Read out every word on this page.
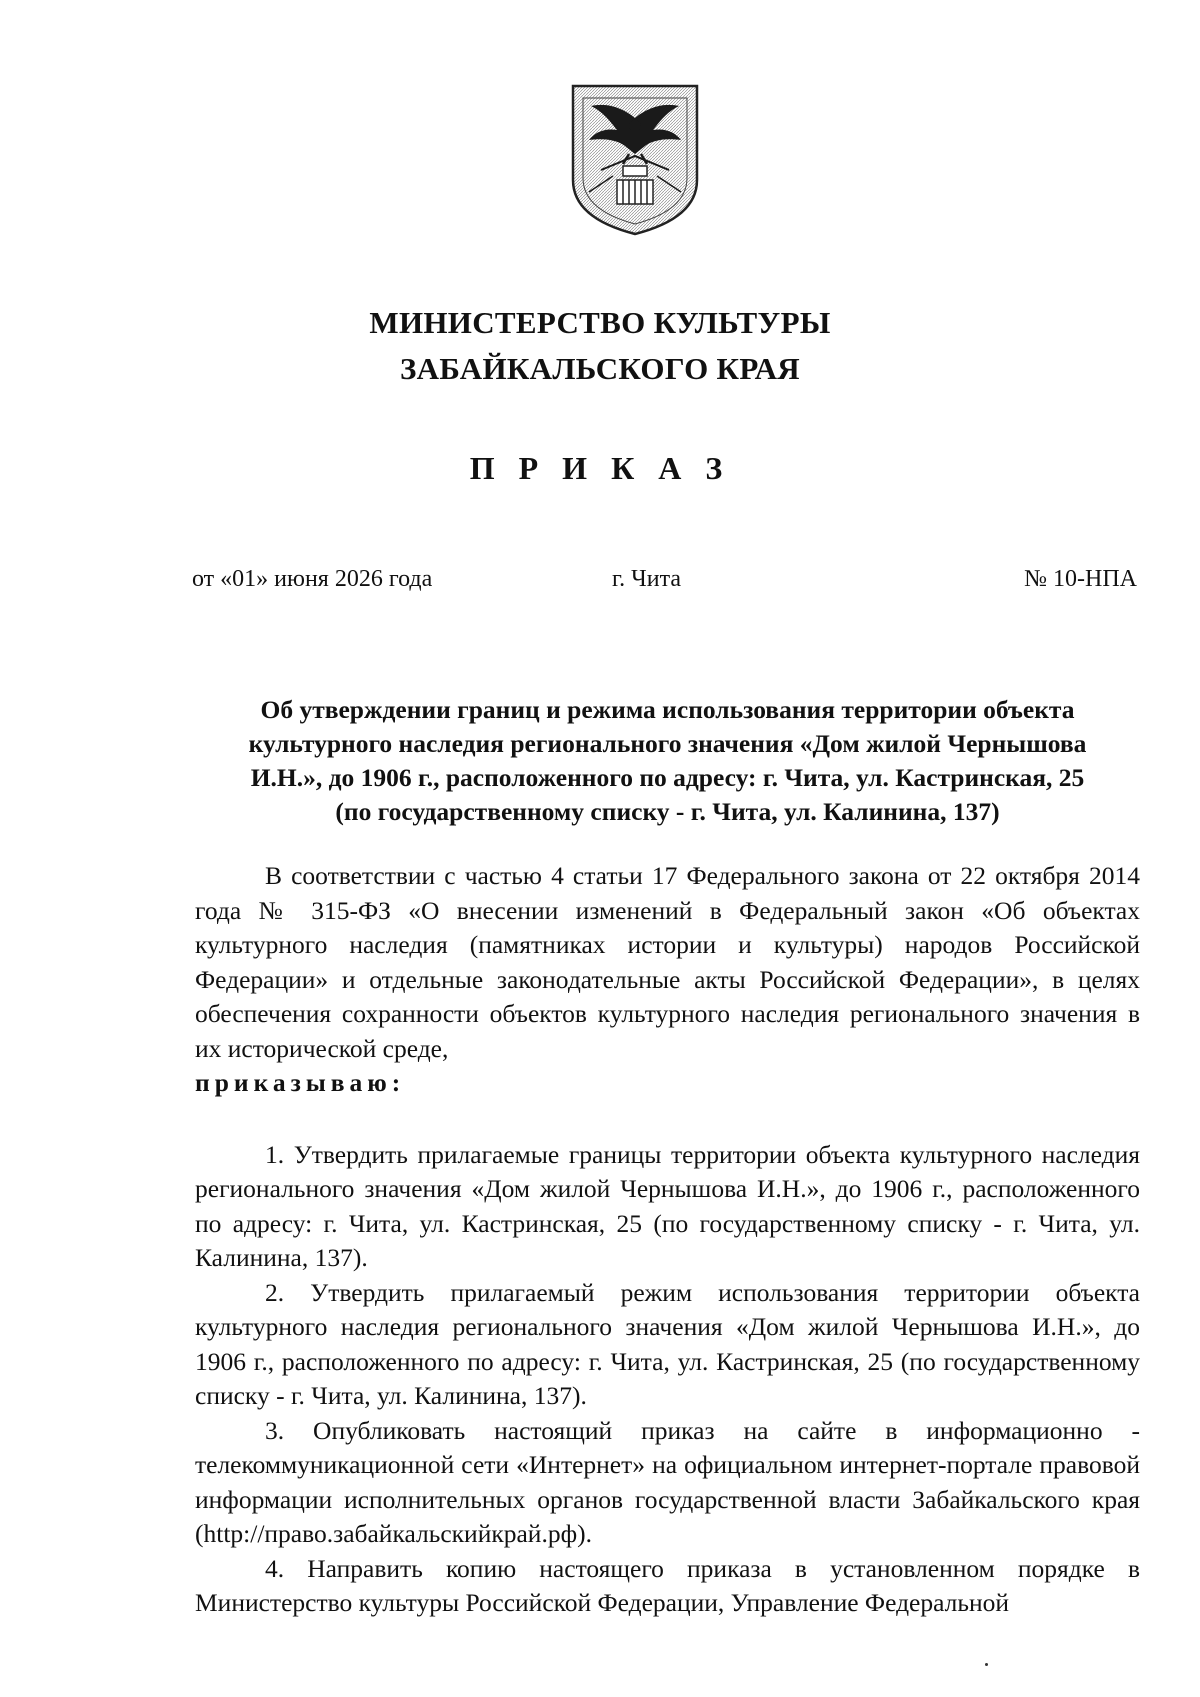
МИНИСТЕРСТВО КУЛЬТУРЫ
ЗАБАЙКАЛЬСКОГО КРАЯ
П Р И К А З
от «01» июня 2026 года	г. Чита	№ 10-НПА
Об утверждении границ и режима использования территории объекта
культурного наследия регионального значения «Дом жилой Чернышова
И.Н.», до 1906 г., расположенного по адресу: г. Чита, ул. Кастринская, 25
(по государственному списку - г. Чита, ул. Калинина, 137)

В соответствии с частью 4 статьи 17 Федерального закона от 22 октября 2014 года № 315-ФЗ «О внесении изменений в Федеральный закон «Об объектах культурного наследия (памятниках истории и культуры) народов Российской Федерации» и отдельные законодательные акты Российской Федерации», в целях обеспечения сохранности объектов культурного наследия регионального значения в их исторической среде,
приказываю:

1. Утвердить прилагаемые границы территории объекта культурного наследия регионального значения «Дом жилой Чернышова И.Н.», до 1906 г., расположенного по адресу: г. Чита, ул. Кастринская, 25 (по государственному списку - г. Чита, ул. Калинина, 137).

2. Утвердить прилагаемый режим использования территории объекта культурного наследия регионального значения «Дом жилой Чернышова И.Н.», до 1906 г., расположенного по адресу: г. Чита, ул. Кастринская, 25 (по государственному списку - г. Чита, ул. Калинина, 137).

3. Опубликовать настоящий приказ на сайте в информационно - телекоммуникационной сети «Интернет» на официальном интернет-портале правовой информации исполнительных органов государственной власти Забайкальского края (http://право.забайкальскийкрай.рф).

4. Направить копию настоящего приказа в установленном порядке в Министерство культуры Российской Федерации, Управление Федеральной
